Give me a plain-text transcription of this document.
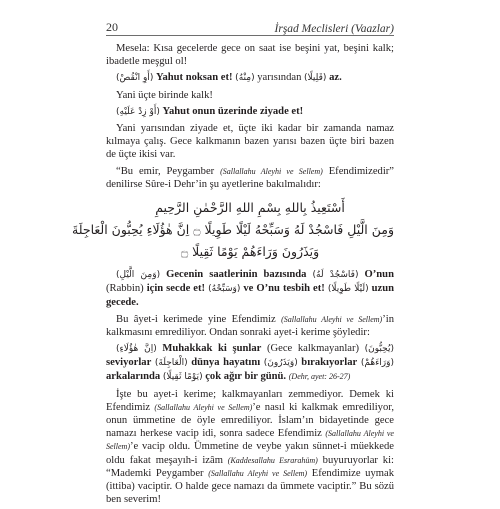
20	İrşad Meclisleri (Vaazlar)

Mesela: Kısa gecelerde gece on saat ise beşini yat, beşini kalk; ibadetle meşgul ol!

(أَوِ انْقُصْ) Yahut noksan et! (مِنْهُ) yarısından (قَلِيلًا) az.

Yani üçte birinde kalk!

(أَوْ زِدْ عَلَيْهِ) Yahut onun üzerinde ziyade et!

Yani yarısından ziyade et, üçte iki kadar bir zamanda namaz kılmaya çalış. Gece kalkmanın bazen yarısı bazen üçte biri bazen de üçte ikisi var.

“Bu emir, Peygamber (Sallallahu Aleyhi ve Sellem) Efendimizedir” denilirse Sûre-i Dehr’in şu ayetlerine bakılmalıdır:

أَسْتَعِيذُ بِاللهِ بِسْمِ اللهِ الرَّحْمٰنِ الرَّحِيمِ
وَمِنَ الَّيْلِ فَاسْجُدْ لَهُ وَسَبِّحْهُ لَيْلًا طَوِيلًا ۝ اِنَّ هٰؤُلَاءِ يُحِبُّونَ الْعَاجِلَةَ
وَيَذَرُونَ وَرَاءَهُمْ يَوْمًا ثَقِيلًا ۝

(وَمِنَ الَّيْلِ) Gecenin saatlerinin bazısında (فَاسْجُدْ لَهُ) O’nun (Rabbin) için secde et! (وَسَبِّحْهُ) ve O’nu tesbih et! (لَيْلًا طَوِيلًا) uzun gecede.

Bu âyet-i kerimede yine Efendimiz (Sallallahu Aleyhi ve Sellem)’in kalkmasını emrediliyor. Ondan sonraki ayet-i kerime şöyledir:

(اِنَّ هٰؤُلَاءِ) Muhakkak ki şunlar (Gece kalkmayanlar) (يُحِبُّونَ) seviyorlar (الْعَاجِلَةَ) dünya hayatını (وَيَذَرُونَ) bırakıyorlar (وَرَاءَهُمْ) arkalarında (يَوْمًا ثَقِيلًا) çok ağır bir günü. (Dehr, ayet: 26-27)

İşte bu ayet-i kerime; kalkmayanları zemmediyor. Demek ki Efendimiz (Sallallahu Aleyhi ve Sellem)’e nasıl ki kalkmak emrediliyor, onun ümmetine de öyle emrediliyor. İslam’ın bidayetinde gece namazı herkese vacip idi, sonra sadece Efendimiz (Sallallahu Aleyhi ve Sellem)’e vacip oldu. Ümmetine de veybe yakın sünnet-i müekkede oldu fakat meşayıh-i izâm (Kaddesallahu Esrarahüm) buyuruyorlar ki: “Mademki Peygamber (Sallallahu Aleyhi ve Sellem) Efendimize uymak (ittiba) vaciptir. O halde gece namazı da ümmete vaciptir.” Bu sözü ben severim!
